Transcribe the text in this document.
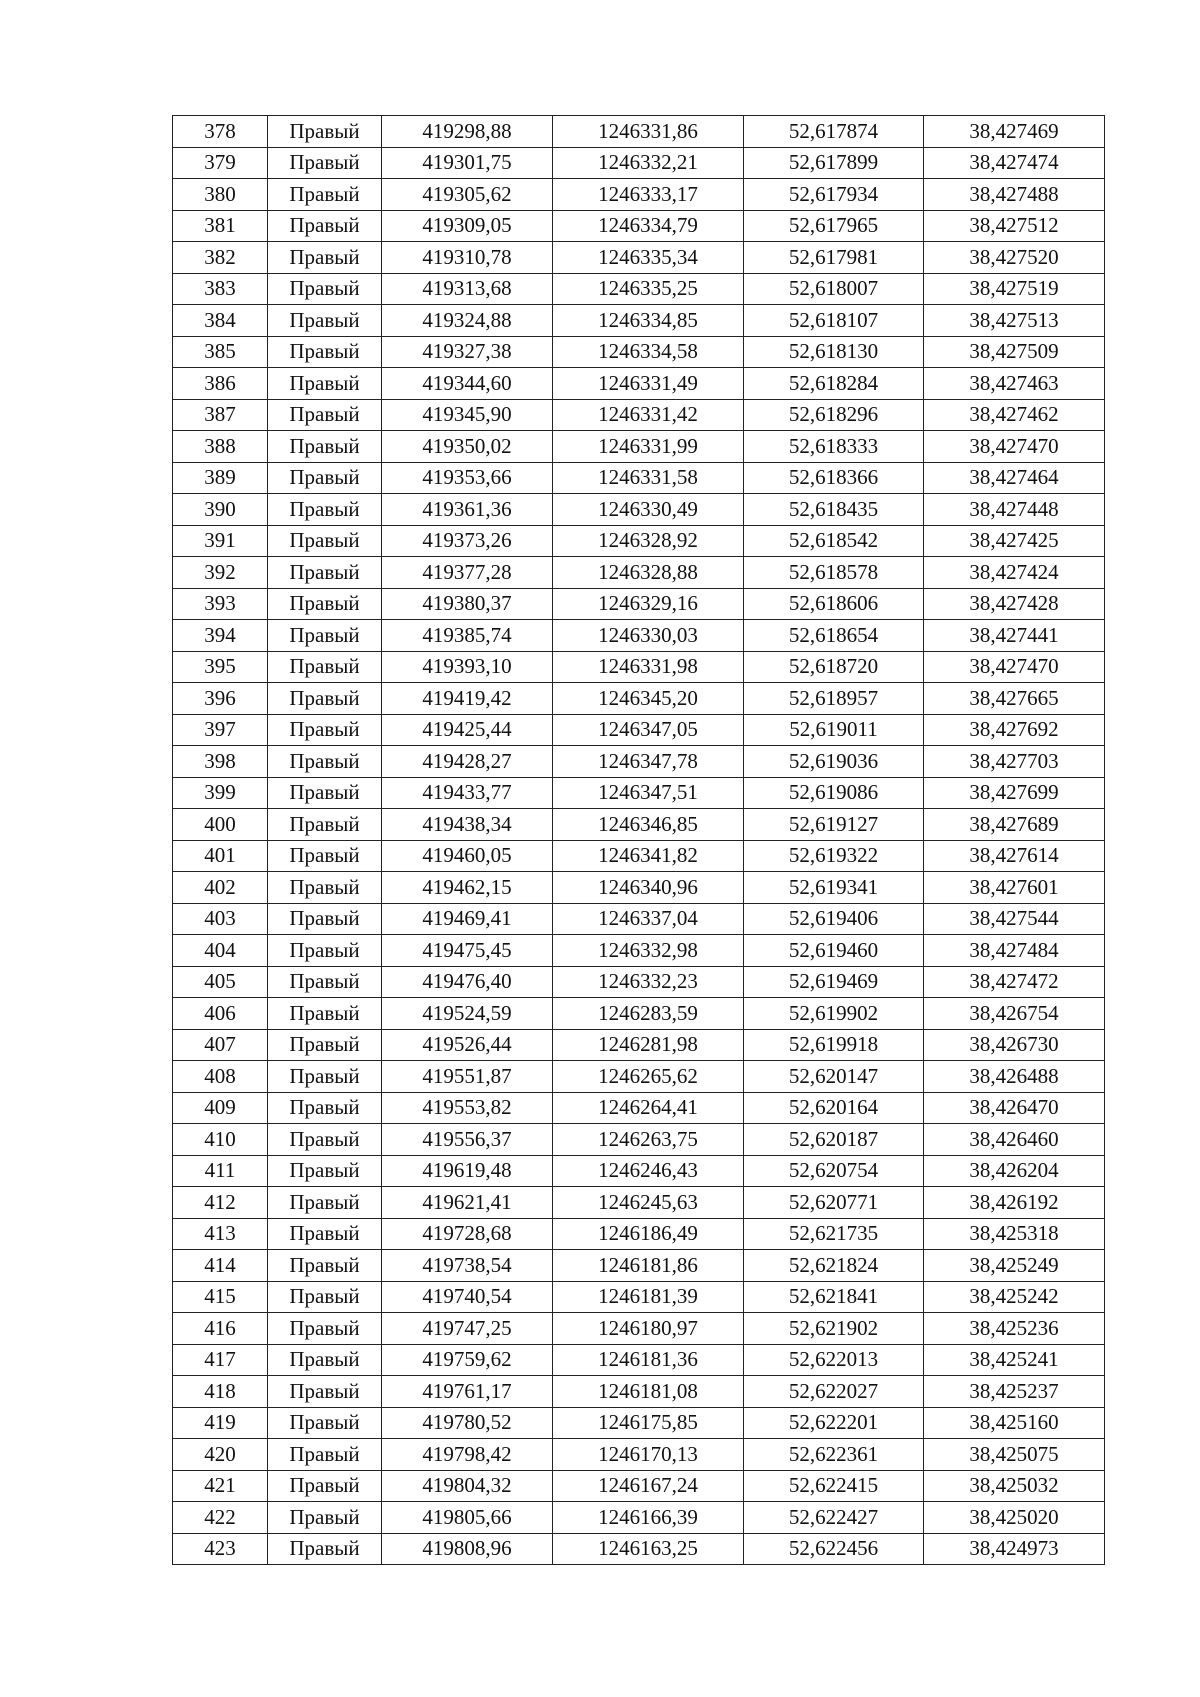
378	Правый	419298,88	1246331,86	52,617874	38,427469
379	Правый	419301,75	1246332,21	52,617899	38,427474
380	Правый	419305,62	1246333,17	52,617934	38,427488
381	Правый	419309,05	1246334,79	52,617965	38,427512
382	Правый	419310,78	1246335,34	52,617981	38,427520
383	Правый	419313,68	1246335,25	52,618007	38,427519
384	Правый	419324,88	1246334,85	52,618107	38,427513
385	Правый	419327,38	1246334,58	52,618130	38,427509
386	Правый	419344,60	1246331,49	52,618284	38,427463
387	Правый	419345,90	1246331,42	52,618296	38,427462
388	Правый	419350,02	1246331,99	52,618333	38,427470
389	Правый	419353,66	1246331,58	52,618366	38,427464
390	Правый	419361,36	1246330,49	52,618435	38,427448
391	Правый	419373,26	1246328,92	52,618542	38,427425
392	Правый	419377,28	1246328,88	52,618578	38,427424
393	Правый	419380,37	1246329,16	52,618606	38,427428
394	Правый	419385,74	1246330,03	52,618654	38,427441
395	Правый	419393,10	1246331,98	52,618720	38,427470
396	Правый	419419,42	1246345,20	52,618957	38,427665
397	Правый	419425,44	1246347,05	52,619011	38,427692
398	Правый	419428,27	1246347,78	52,619036	38,427703
399	Правый	419433,77	1246347,51	52,619086	38,427699
400	Правый	419438,34	1246346,85	52,619127	38,427689
401	Правый	419460,05	1246341,82	52,619322	38,427614
402	Правый	419462,15	1246340,96	52,619341	38,427601
403	Правый	419469,41	1246337,04	52,619406	38,427544
404	Правый	419475,45	1246332,98	52,619460	38,427484
405	Правый	419476,40	1246332,23	52,619469	38,427472
406	Правый	419524,59	1246283,59	52,619902	38,426754
407	Правый	419526,44	1246281,98	52,619918	38,426730
408	Правый	419551,87	1246265,62	52,620147	38,426488
409	Правый	419553,82	1246264,41	52,620164	38,426470
410	Правый	419556,37	1246263,75	52,620187	38,426460
411	Правый	419619,48	1246246,43	52,620754	38,426204
412	Правый	419621,41	1246245,63	52,620771	38,426192
413	Правый	419728,68	1246186,49	52,621735	38,425318
414	Правый	419738,54	1246181,86	52,621824	38,425249
415	Правый	419740,54	1246181,39	52,621841	38,425242
416	Правый	419747,25	1246180,97	52,621902	38,425236
417	Правый	419759,62	1246181,36	52,622013	38,425241
418	Правый	419761,17	1246181,08	52,622027	38,425237
419	Правый	419780,52	1246175,85	52,622201	38,425160
420	Правый	419798,42	1246170,13	52,622361	38,425075
421	Правый	419804,32	1246167,24	52,622415	38,425032
422	Правый	419805,66	1246166,39	52,622427	38,425020
423	Правый	419808,96	1246163,25	52,622456	38,424973
